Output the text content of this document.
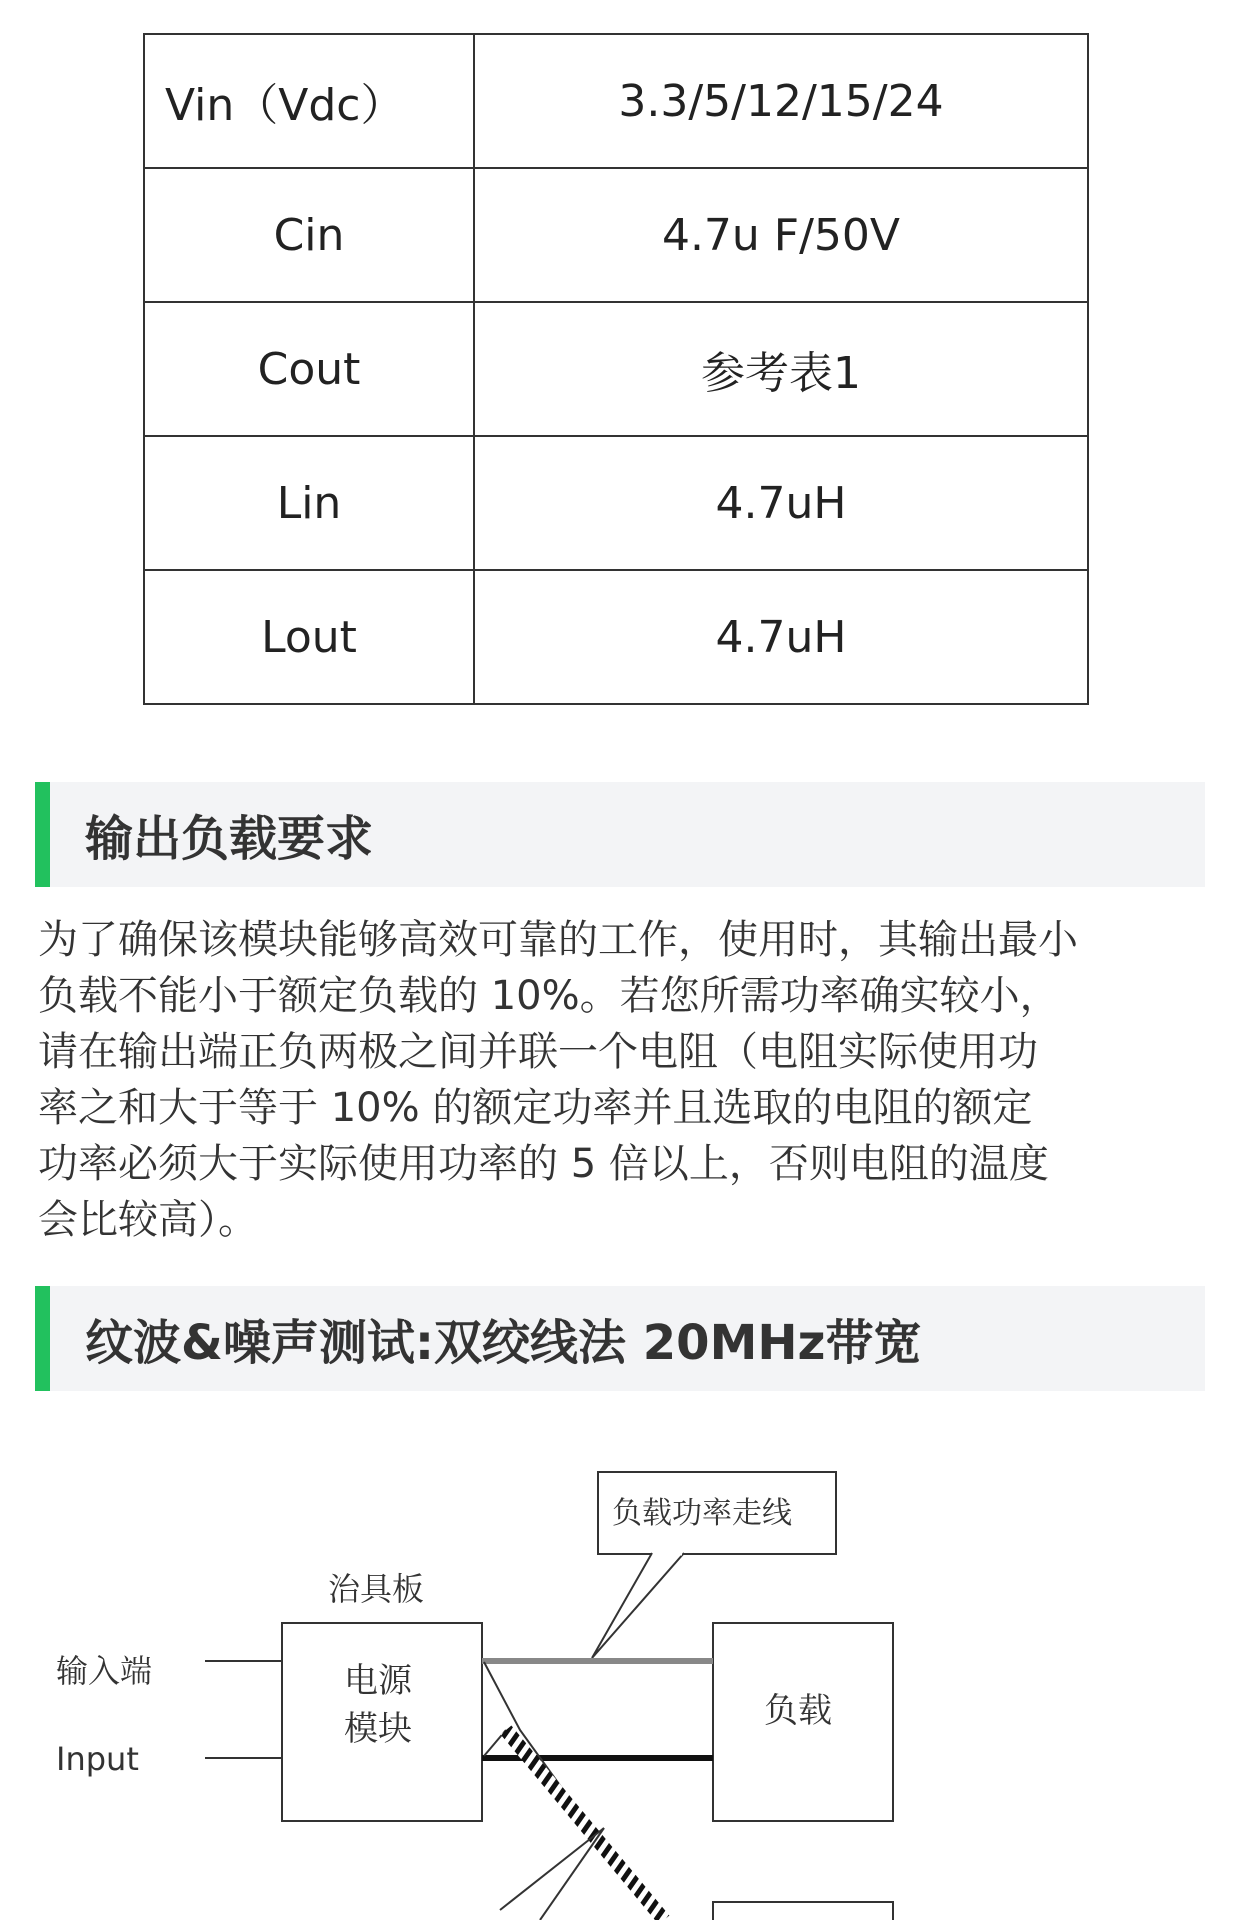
Vin（Vdc）	3.3/5/12/15/24
Cin	4.7u F/50V
Cout	参考表1
Lin	4.7uH
Lout	4.7uH
输出负载要求
为了确保该模块能够高效可靠的工作，使用时，其输出最小
负载不能小于额定负载的 10%。若您所需功率确实较小，
请在输出端正负两极之间并联一个电阻（电阻实际使用功
率之和大于等于 10% 的额定功率并且选取的电阻的额定
功率必须大于实际使用功率的 5 倍以上，否则电阻的温度
会比较高）。
纹波&噪声测试:双绞线法 20MHz带宽
负载功率走线
治具板
输入端
Input
电源
模块	负载
